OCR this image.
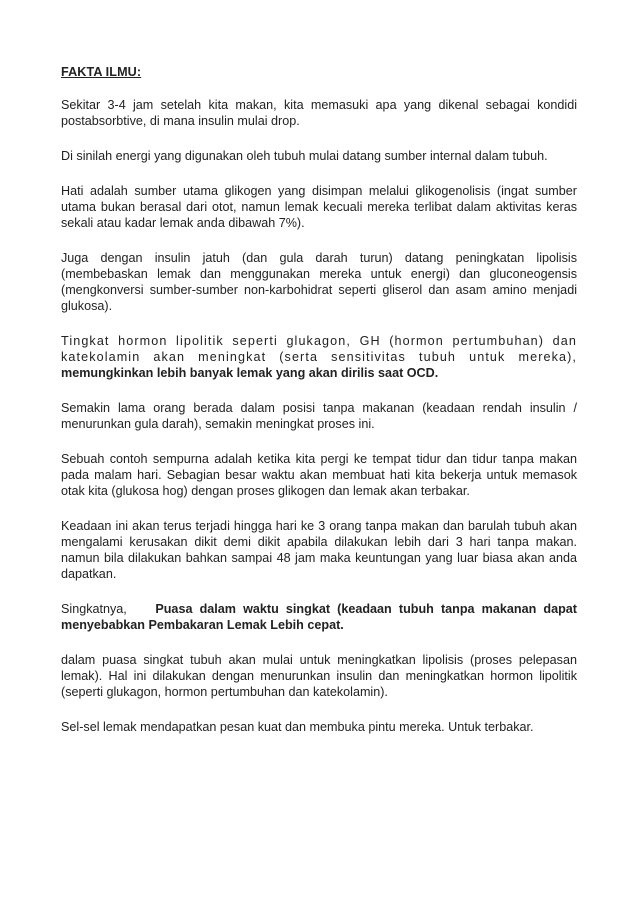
FAKTA ILMU:

Sekitar 3-4 jam setelah kita makan, kita memasuki apa yang dikenal sebagai kondidi postabsorbtive, di mana insulin mulai drop.

Di sinilah energi yang digunakan oleh tubuh mulai datang sumber internal dalam tubuh.

Hati adalah sumber utama glikogen yang disimpan melalui glikogenolisis (ingat sumber utama bukan berasal dari otot, namun lemak kecuali mereka terlibat dalam aktivitas keras sekali atau kadar lemak anda dibawah 7%).

Juga dengan insulin jatuh (dan gula darah turun) datang peningkatan lipolisis (membebaskan lemak dan menggunakan mereka untuk energi) dan gluconeogensis (mengkonversi sumber-sumber non-karbohidrat seperti gliserol dan asam amino menjadi glukosa).

Tingkat hormon lipolitik seperti glukagon, GH (hormon pertumbuhan) dan katekolamin akan meningkat (serta sensitivitas tubuh untuk mereka), memungkinkan lebih banyak lemak yang akan dirilis saat OCD.

Semakin lama orang berada dalam posisi tanpa makanan (keadaan rendah insulin / menurunkan gula darah), semakin meningkat proses ini.

Sebuah contoh sempurna adalah ketika kita pergi ke tempat tidur dan tidur tanpa makan pada malam hari. Sebagian besar waktu akan membuat hati kita bekerja untuk memasok otak kita (glukosa hog) dengan proses glikogen dan lemak akan terbakar.

Keadaan ini akan terus terjadi hingga hari ke 3 orang tanpa makan dan barulah tubuh akan mengalami kerusakan dikit demi dikit apabila dilakukan lebih dari 3 hari tanpa makan. namun bila dilakukan bahkan sampai 48 jam maka keuntungan yang luar biasa akan anda dapatkan.

Singkatnya, Puasa dalam waktu singkat (keadaan tubuh tanpa makanan dapat menyebabkan Pembakaran Lemak Lebih cepat.

dalam puasa singkat tubuh akan mulai untuk meningkatkan lipolisis (proses pelepasan lemak). Hal ini dilakukan dengan menurunkan insulin dan meningkatkan hormon lipolitik (seperti glukagon, hormon pertumbuhan dan katekolamin).

Sel-sel lemak mendapatkan pesan kuat dan membuka pintu mereka. Untuk terbakar.
